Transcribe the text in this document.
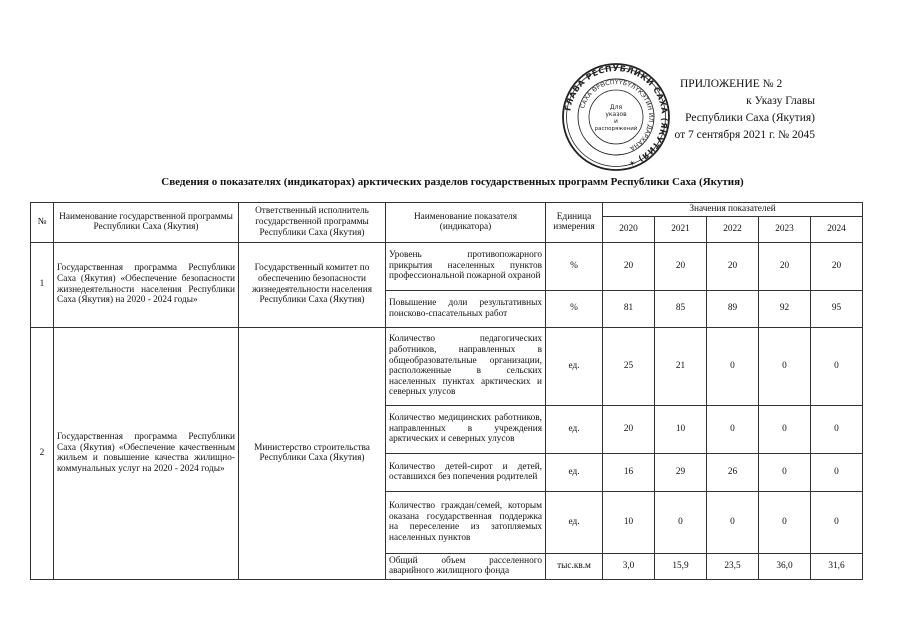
ГЛАВА РЕСПУБЛИКИ САХА (ЯКУТИЯ) ✶
САХА ӨРӨСПҮҮБҮЛҮКЭТИН ИЛ ДАРХАНА
Для
указов
и
распоряжений
ПРИЛОЖЕНИЕ № 2
к Указу Главы
Республики Саха (Якутия)
от 7 сентября 2021 г. № 2045
Сведения о показателях (индикаторах) арктических разделов государственных программ Республики Саха (Якутия)
№	Наименование государственной программы Республики Саха (Якутия)	Ответственный исполнитель государственной программы Республики Саха (Якутия)	Наименование показателя (индикатора)	Единица измерения	Значения показателей				
					2020	2021	2022	2023	2024
1	Государственная программа Республики Саха (Якутия) «Обеспечение безопасности жизнедеятельности населения Республики Саха (Якутия) на 2020 - 2024 годы»	Государственный комитет по обеспечению безопасности жизнедеятельности населения Республики Саха (Якутия)	Уровень противопожарного прикрытия населенных пунктов профессиональной пожарной охраной	%	20	20	20	20	20
			Повышение доли результативных поисково-спасательных работ	%	81	85	89	92	95
2	Государственная программа Республики Саха (Якутия) «Обеспечение качественным жильем и повышение качества жилищно-коммунальных услуг на 2020 - 2024 годы»	Министерство строительства Республики Саха (Якутия)	Количество педагогических работников, направленных в общеобразовательные организации, расположенные в сельских населенных пунктах арктических и северных улусов	ед.	25	21	0	0	0
			Количество медицинских работников, направленных в учреждения арктических и северных улусов	ед.	20	10	0	0	0
			Количество детей-сирот и детей, оставшихся без попечения родителей	ед.	16	29	26	0	0
			Количество граждан/семей, которым оказана государственная поддержка на переселение из затопляемых населенных пунктов	ед.	10	0	0	0	0
			Общий объем расселенного аварийного жилищного фонда	тыс.кв.м	3,0	15,9	23,5	36,0	31,6
